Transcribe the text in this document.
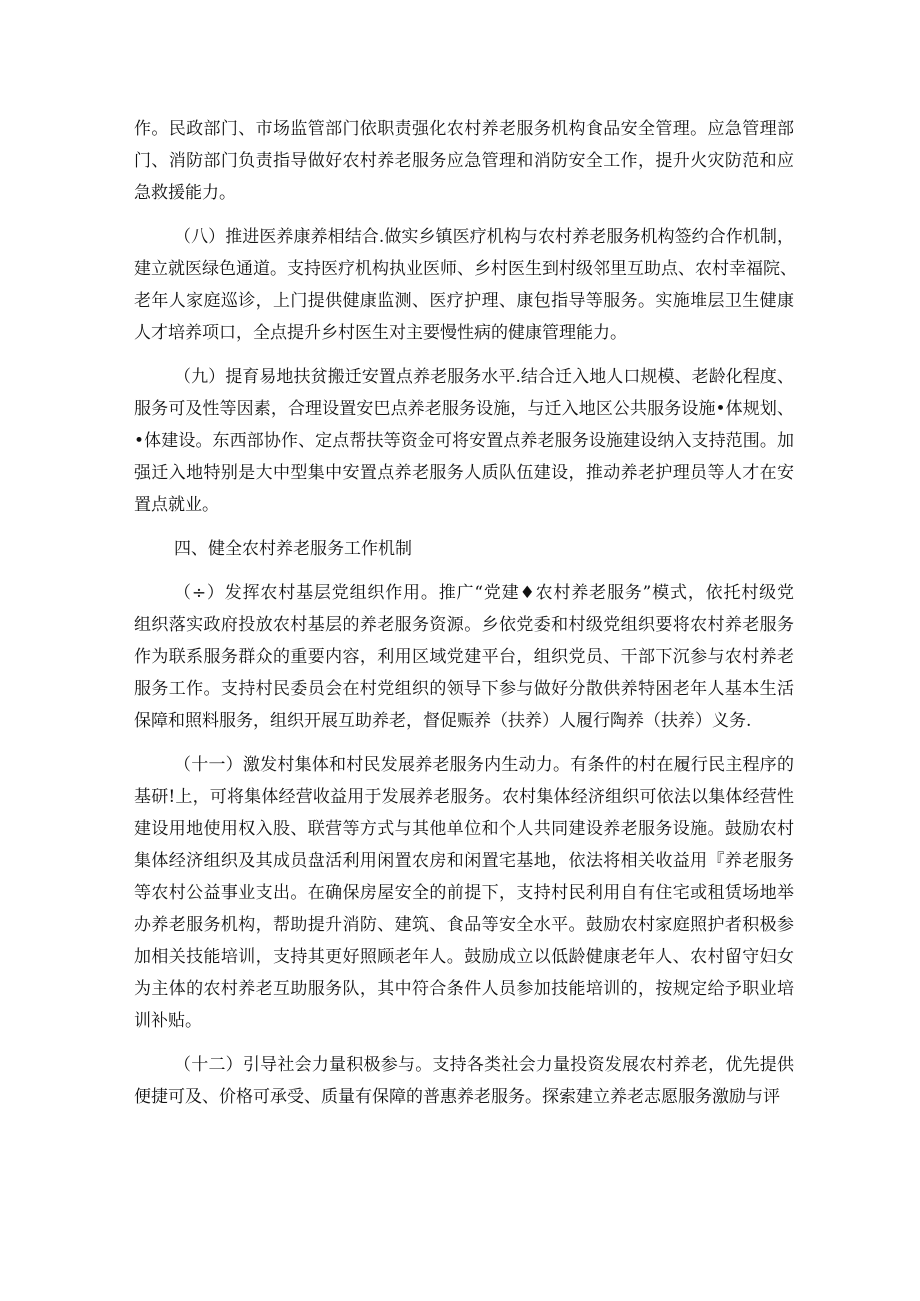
作。民政部门、市场监管部门依职责强化农村养老服务机构食品安全管理。应急管理部
门、消防部门负责指导做好农村养老服务应急管理和消防安全工作，提升火灾防范和应
急救援能力。
（八）推进医养康养相结合.做实乡镇医疗机构与农村养老服务机构签约合作机制，
建立就医绿色通道。支持医疗机构执业医师、乡村医生到村级邻里互助点、农村幸福院、
老年人家庭巡诊，上门提供健康监测、医疗护理、康包指导等服务。实施堆层卫生健康
人才培养项口，全点提升乡村医生对主要慢性病的健康管理能力。
（九）提育易地扶贫搬迁安置点养老服务水平.结合迁入地人口规模、老龄化程度、
服务可及性等因素，合理设置安巴点养老服务设施，与迁入地区公共服务设施•体规划、
•体建设。东西部协作、定点帮扶等资金可将安置点养老服务设施建设纳入支持范围。加
强迁入地特别是大中型集中安置点养老服务人质队伍建设，推动养老护理员等人才在安
置点就业。
四、健全农村养老服务工作机制
（÷）发挥农村基层党组织作用。推广“党建♦农村养老服务”模式，依托村级党
组织落实政府投放农村基层的养老服务资源。乡依党委和村级党组织要将农村养老服务
作为联系服务群众的重要内容，利用区域党建平台，组织党员、干部下沉参与农村养老
服务工作。支持村民委员会在村党组织的领导下参与做好分散供养特困老年人基本生活
保障和照料服务，组织开展互助养老，督促赈养（扶养）人履行陶养（扶养）义务.
（十一）激发村集体和村民发展养老服务内生动力。有条件的村在履行民主程序的
基研!上，可将集体经营收益用于发展养老服务。农村集体经济组织可依法以集体经营性
建设用地使用权入股、联营等方式与其他单位和个人共同建设养老服务设施。鼓励农村
集体经济组织及其成员盘活利用闲置农房和闲置宅基地，依法将相关收益用『养老服务
等农村公益事业支出。在确保房屋安全的前提下，支持村民利用自有住宅或租赁场地举
办养老服务机构，帮助提升消防、建筑、食品等安全水平。鼓励农村家庭照护者积极参
加相关技能培训，支持其更好照顾老年人。鼓励成立以低龄健康老年人、农村留守妇女
为主体的农村养老互助服务队，其中符合条件人员参加技能培训的，按规定给予职业培
训补贴。
（十二）引导社会力量积极参与。支持各类社会力量投资发展农村养老，优先提供
便捷可及、价格可承受、质量有保障的普惠养老服务。探索建立养老志愿服务激励与评
